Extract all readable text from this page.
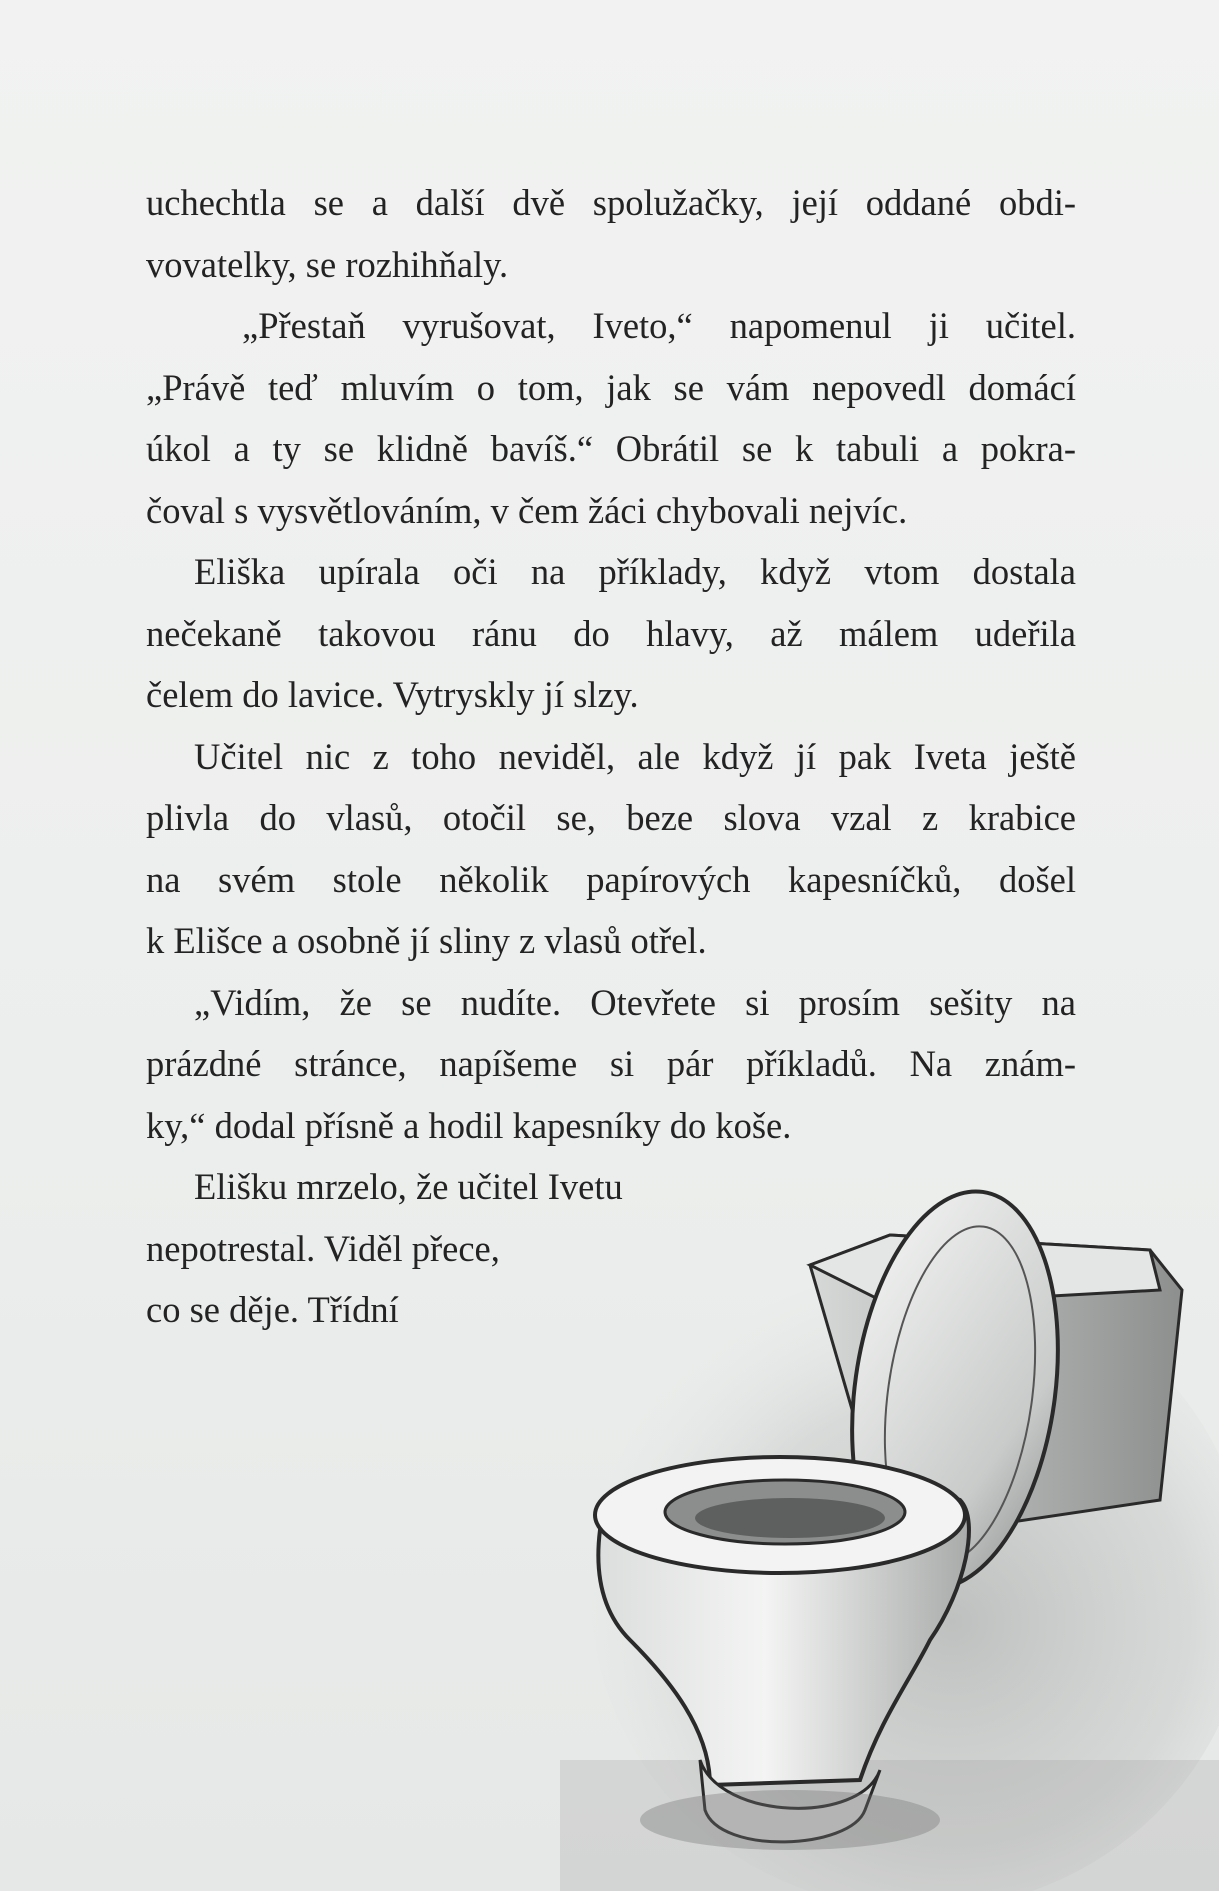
uchechtla se a další dvě spolužačky, její oddané obdi-
vovatelky, se rozhihňaly.

„Přestaň vyrušovat, Iveto,“ napomenul ji učitel.

„Právě teď mluvím o tom, jak se vám nepovedl domácí
úkol a ty se klidně bavíš.“ Obrátil se k tabuli a pokra-
čoval s vysvětlováním, v čem žáci chybovali nejvíc.

Eliška upírala oči na příklady, když vtom dostala
nečekaně takovou ránu do hlavy, až málem udeřila
čelem do lavice. Vytryskly jí slzy.

Učitel nic z toho neviděl, ale když jí pak Iveta ještě
plivla do vlasů, otočil se, beze slova vzal z krabice
na svém stole několik papírových kapesníčků, došel
k Elišce a osobně jí sliny z vlasů otřel.

„Vidím, že se nudíte. Otevřete si prosím sešity na
prázdné stránce, napíšeme si pár příkladů. Na znám-
ky,“ dodal přísně a hodil kapesníky do koše.

Elišku mrzelo, že učitel Ivetu
nepotrestal. Viděl přece,
co se děje. Třídní
